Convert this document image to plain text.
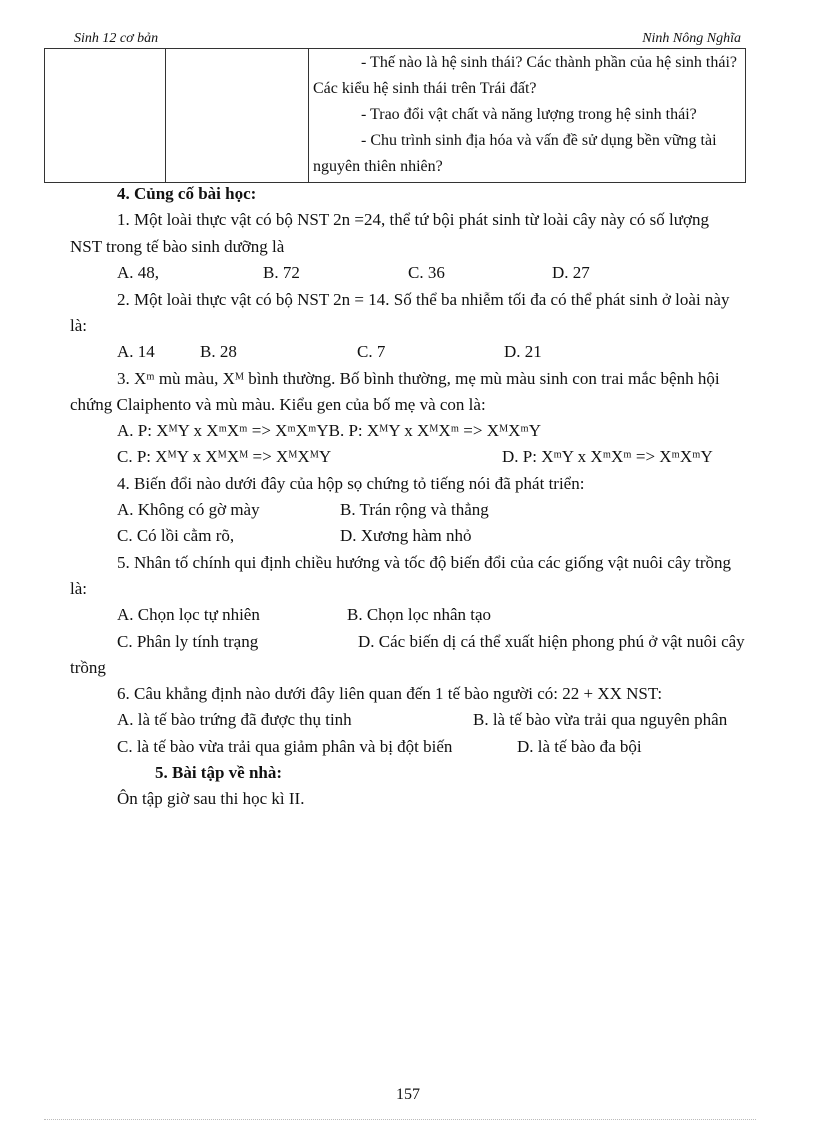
Sinh 12 cơ bản	Ninh Nông Nghĩa

- Thế nào là hệ sinh thái? Các thành phần của hệ sinh thái? Các kiểu hệ sinh thái trên Trái đất?

- Trao đổi vật chất và năng lượng trong hệ sinh thái?

- Chu trình sinh địa hóa và vấn đề sử dụng bền vững tài nguyên thiên nhiên?

4. Củng cố bài học:
1. Một loài thực vật có bộ NST 2n =24, thể tứ bội phát sinh từ loài cây này có số lượng
NST trong tế bào sinh dưỡng là
A. 48,	B. 72	C. 36	D. 27
2. Một loài thực vật có bộ NST 2n = 14. Số thể ba nhiễm tối đa có thể phát sinh ở loài này
là:
A. 14	B. 28	C. 7	D. 21
3. Xᵐ mù màu, Xᴹ bình thường. Bố bình thường, mẹ mù màu sinh con trai mắc bệnh hội
chứng Claiphento và mù màu. Kiểu gen của bố mẹ và con là:
A. P: XᴹY x XᵐXᵐ => XᵐXᵐYB. P: XᴹY x XᴹXᵐ => XᴹXᵐY
C. P: XᴹY x XᴹXᴹ => XᴹXᴹY	D. P: XᵐY x XᵐXᵐ => XᵐXᵐY
4. Biến đổi nào dưới đây của hộp sọ chứng tỏ tiếng nói đã phát triển:
A. Không có gờ mày	B. Trán rộng và thẳng
C. Có lồi cằm rõ,	D. Xương hàm nhỏ
5. Nhân tố chính qui định chiều hướng và tốc độ biến đổi của các giống vật nuôi cây trồng
là:
A. Chọn lọc tự nhiên	B. Chọn lọc nhân tạo
C. Phân ly tính trạng	D. Các biến dị cá thể xuất hiện phong phú ở vật nuôi cây
trồng
6. Câu khẳng định nào dưới đây liên quan đến 1 tế bào người có: 22 + XX NST:
A. là tế bào trứng đã được thụ tinh	B. là tế bào vừa trải qua nguyên phân
C. là tế bào vừa trải qua giảm phân và bị đột biến	D. là tế bào đa bội
5. Bài tập về nhà:
Ôn tập giờ sau thi học kì II.
157
